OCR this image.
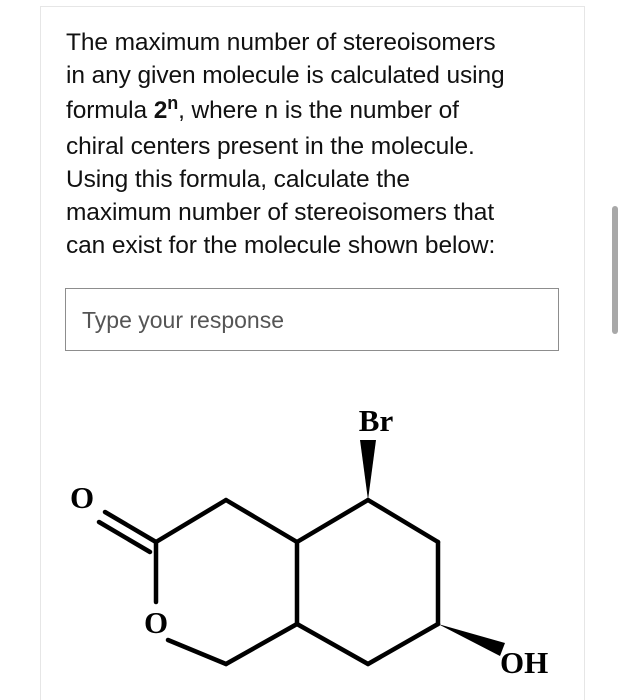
The maximum number of stereoisomers
in any given molecule is calculated using
formula 2$^n$, where n is the number of
chiral centers present in the molecule.
Using this formula, calculate the
maximum number of stereoisomers that
can exist for the molecule shown below:
Type your response
Br
O
O
OH
